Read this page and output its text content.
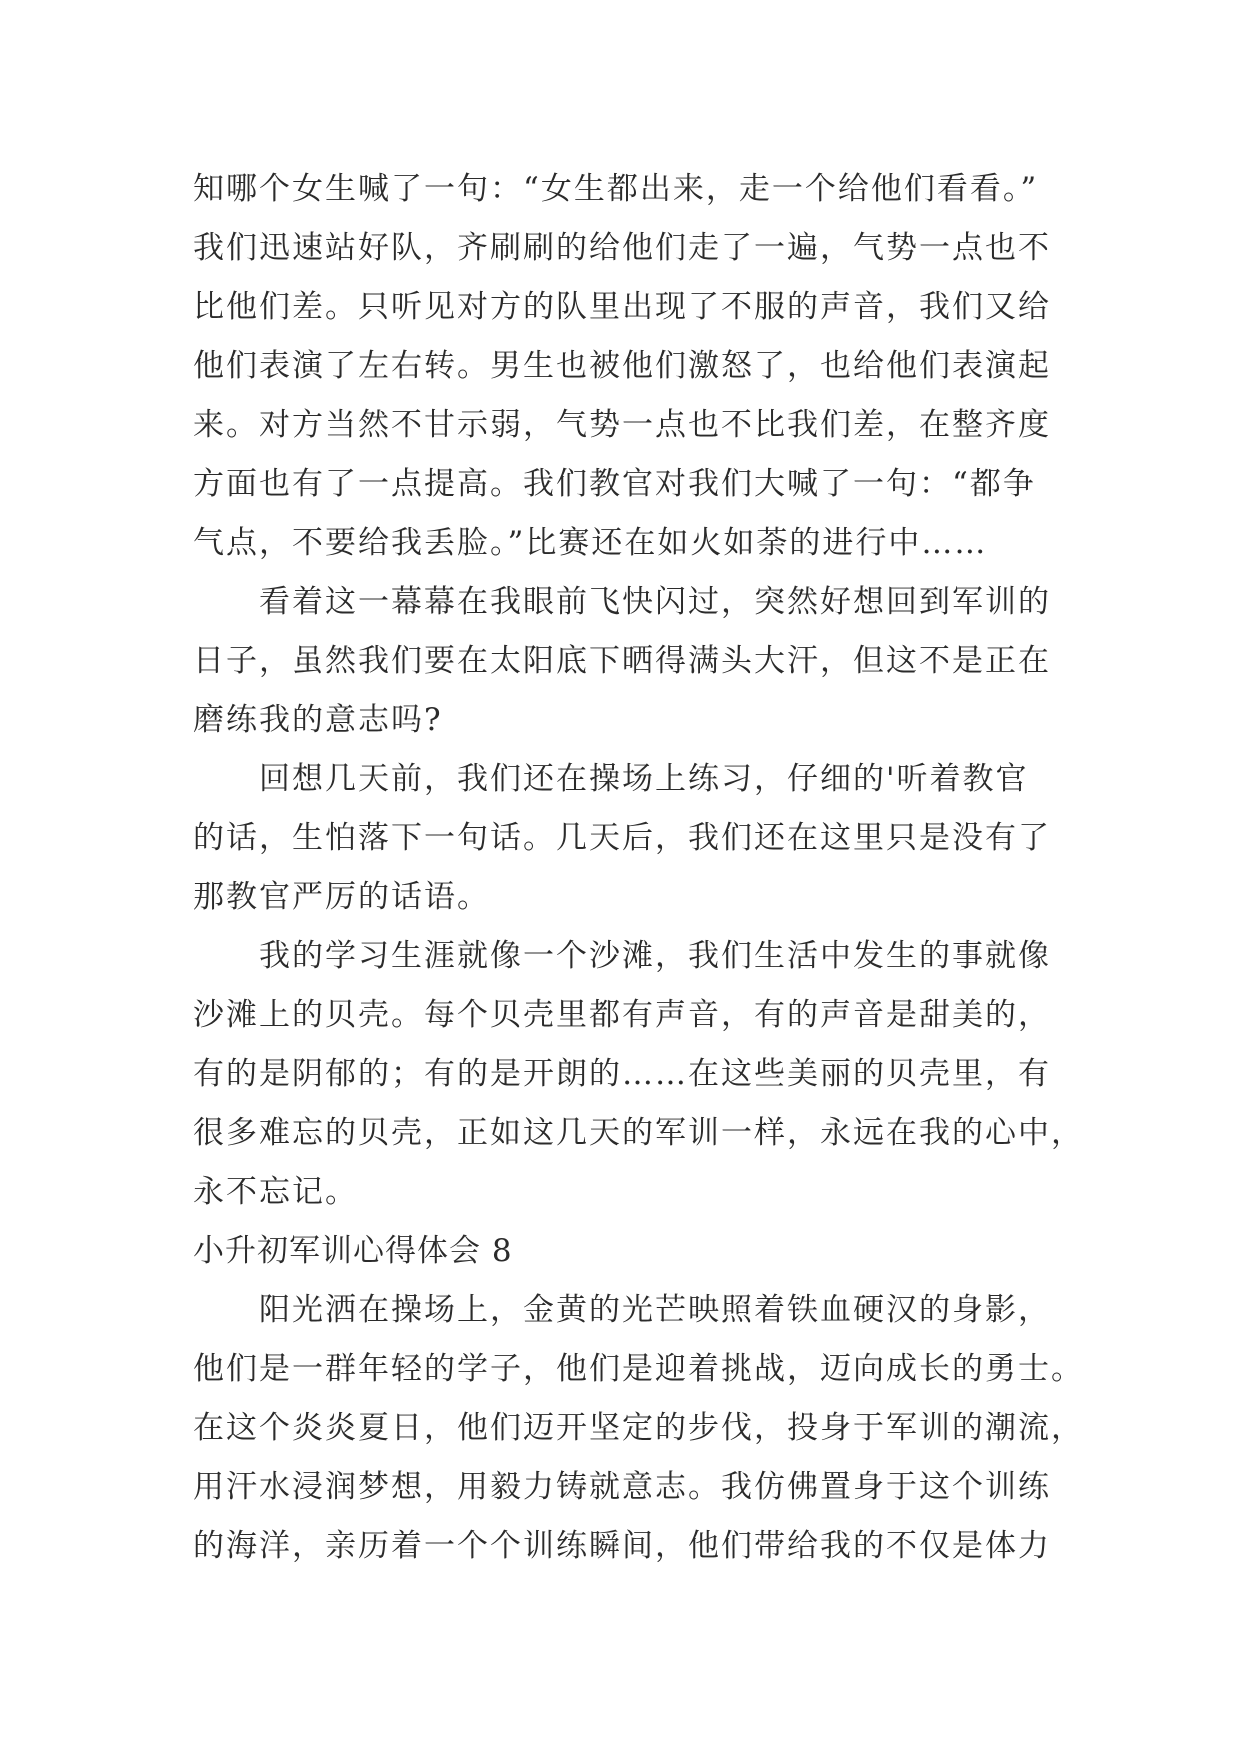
知哪个女生喊了一句：“女生都出来，走一个给他们看看。”
我们迅速站好队，齐刷刷的给他们走了一遍，气势一点也不
比他们差。只听见对方的队里出现了不服的声音，我们又给
他们表演了左右转。男生也被他们激怒了，也给他们表演起
来。对方当然不甘示弱，气势一点也不比我们差，在整齐度
方面也有了一点提高。我们教官对我们大喊了一句：“都争
气点，不要给我丢脸。”比赛还在如火如荼的进行中……
　　看着这一幕幕在我眼前飞快闪过，突然好想回到军训的
日子，虽然我们要在太阳底下晒得满头大汗，但这不是正在
磨练我的意志吗?
　　回想几天前，我们还在操场上练习，仔细的'听着教官
的话，生怕落下一句话。几天后，我们还在这里只是没有了
那教官严厉的话语。
　　我的学习生涯就像一个沙滩，我们生活中发生的事就像
沙滩上的贝壳。每个贝壳里都有声音，有的声音是甜美的，
有的是阴郁的；有的是开朗的……在这些美丽的贝壳里，有
很多难忘的贝壳，正如这几天的军训一样，永远在我的心中，
永不忘记。
小升初军训心得体会 8
　　阳光洒在操场上，金黄的光芒映照着铁血硬汉的身影，
他们是一群年轻的学子，他们是迎着挑战，迈向成长的勇士。
在这个炎炎夏日，他们迈开坚定的步伐，投身于军训的潮流，
用汗水浸润梦想，用毅力铸就意志。我仿佛置身于这个训练
的海洋，亲历着一个个训练瞬间，他们带给我的不仅是体力
